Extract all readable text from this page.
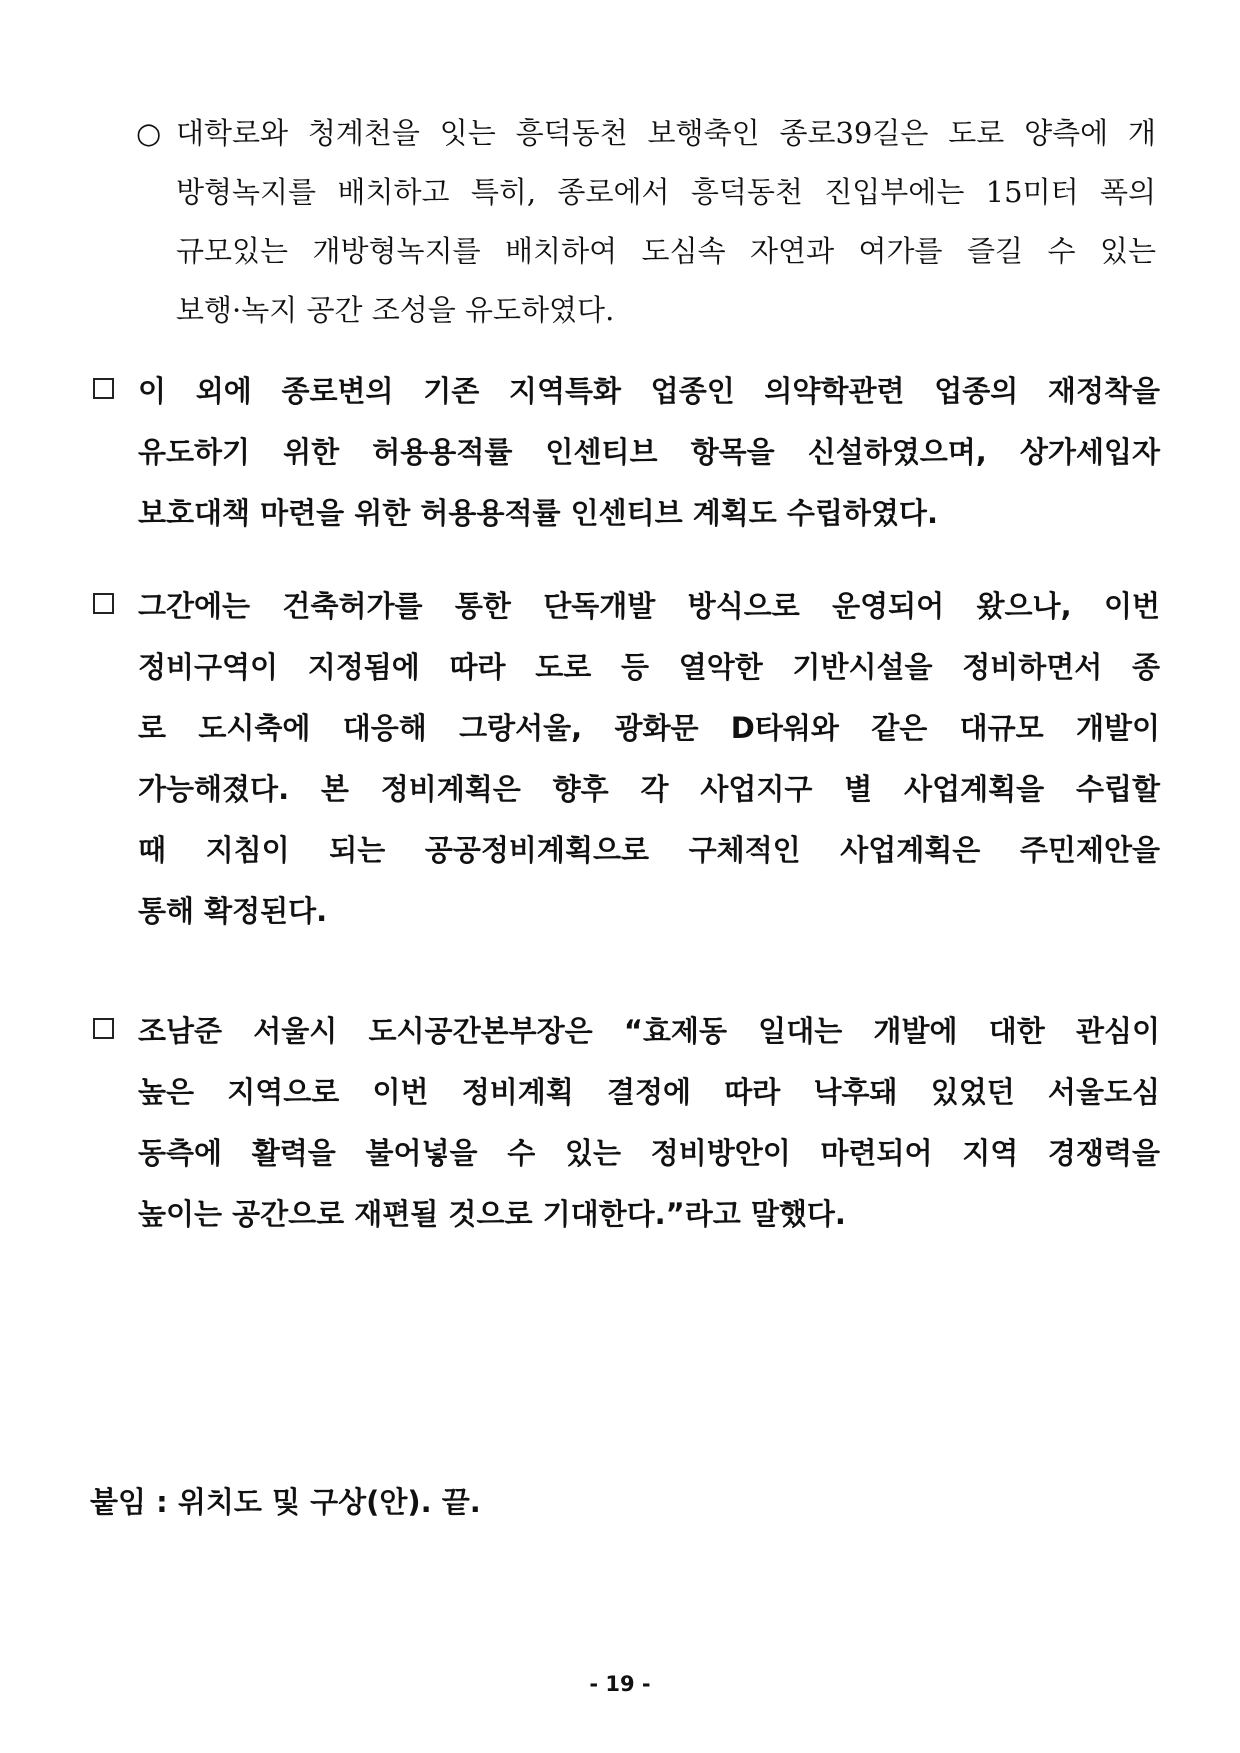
○ 대학로와 청계천을 잇는 흥덕동천 보행축인 종로39길은 도로 양측에 개
방형녹지를 배치하고 특히, 종로에서 흥덕동천 진입부에는 15미터 폭의
규모있는 개방형녹지를 배치하여 도심속 자연과 여가를 즐길 수 있는
보행·녹지 공간 조성을 유도하였다.
이 외에 종로변의 기존 지역특화 업종인 의약학관련 업종의 재정착을
유도하기 위한 허용용적률 인센티브 항목을 신설하였으며, 상가세입자
보호대책 마련을 위한 허용용적률 인센티브 계획도 수립하였다.
그간에는 건축허가를 통한 단독개발 방식으로 운영되어 왔으나, 이번
정비구역이 지정됨에 따라 도로 등 열악한 기반시설을 정비하면서 종
로 도시축에 대응해 그랑서울, 광화문 D타워와 같은 대규모 개발이
가능해졌다. 본 정비계획은 향후 각 사업지구 별 사업계획을 수립할
때 지침이 되는 공공정비계획으로 구체적인 사업계획은 주민제안을
통해 확정된다.
조남준 서울시 도시공간본부장은 “효제동 일대는 개발에 대한 관심이
높은 지역으로 이번 정비계획 결정에 따라 낙후돼 있었던 서울도심
동측에 활력을 불어넣을 수 있는 정비방안이 마련되어 지역 경쟁력을
높이는 공간으로 재편될 것으로 기대한다.”라고 말했다.
붙임 : 위치도 및 구상(안). 끝.
- 19 -
